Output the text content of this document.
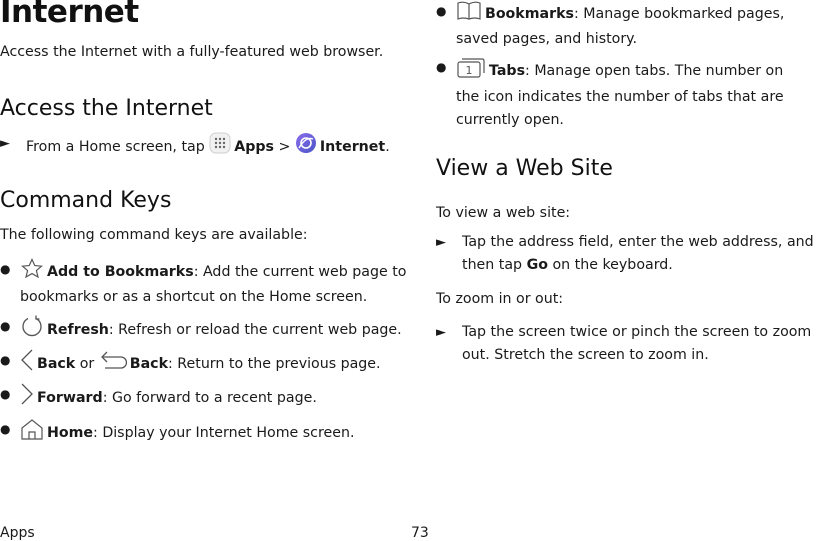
Internet

Access the Internet with a fully-featured web browser.

Access the Internet
►	From a Home screen, tap Apps > Internet.
Command Keys

The following command keys are available:

●	Add to Bookmarks: Add the current web page to bookmarks or as a shortcut on the Home screen.
●	Refresh: Refresh or reload the current web page.
●	Back or	Back: Return to the previous page.
●	Forward: Go forward to a recent page.
●	Home: Display your Internet Home screen.
●	Bookmarks: Manage bookmarked pages, saved pages, and history.
●	1 Tabs: Manage open tabs. The number on the icon indicates the number of tabs that are currently open.
View a Web Site

To view a web site:

►	Tap the address field, enter the web address, and then tap Go on the keyboard.

To zoom in or out:

►	Tap the screen twice or pinch the screen to zoom out. Stretch the screen to zoom in.
Apps	73
